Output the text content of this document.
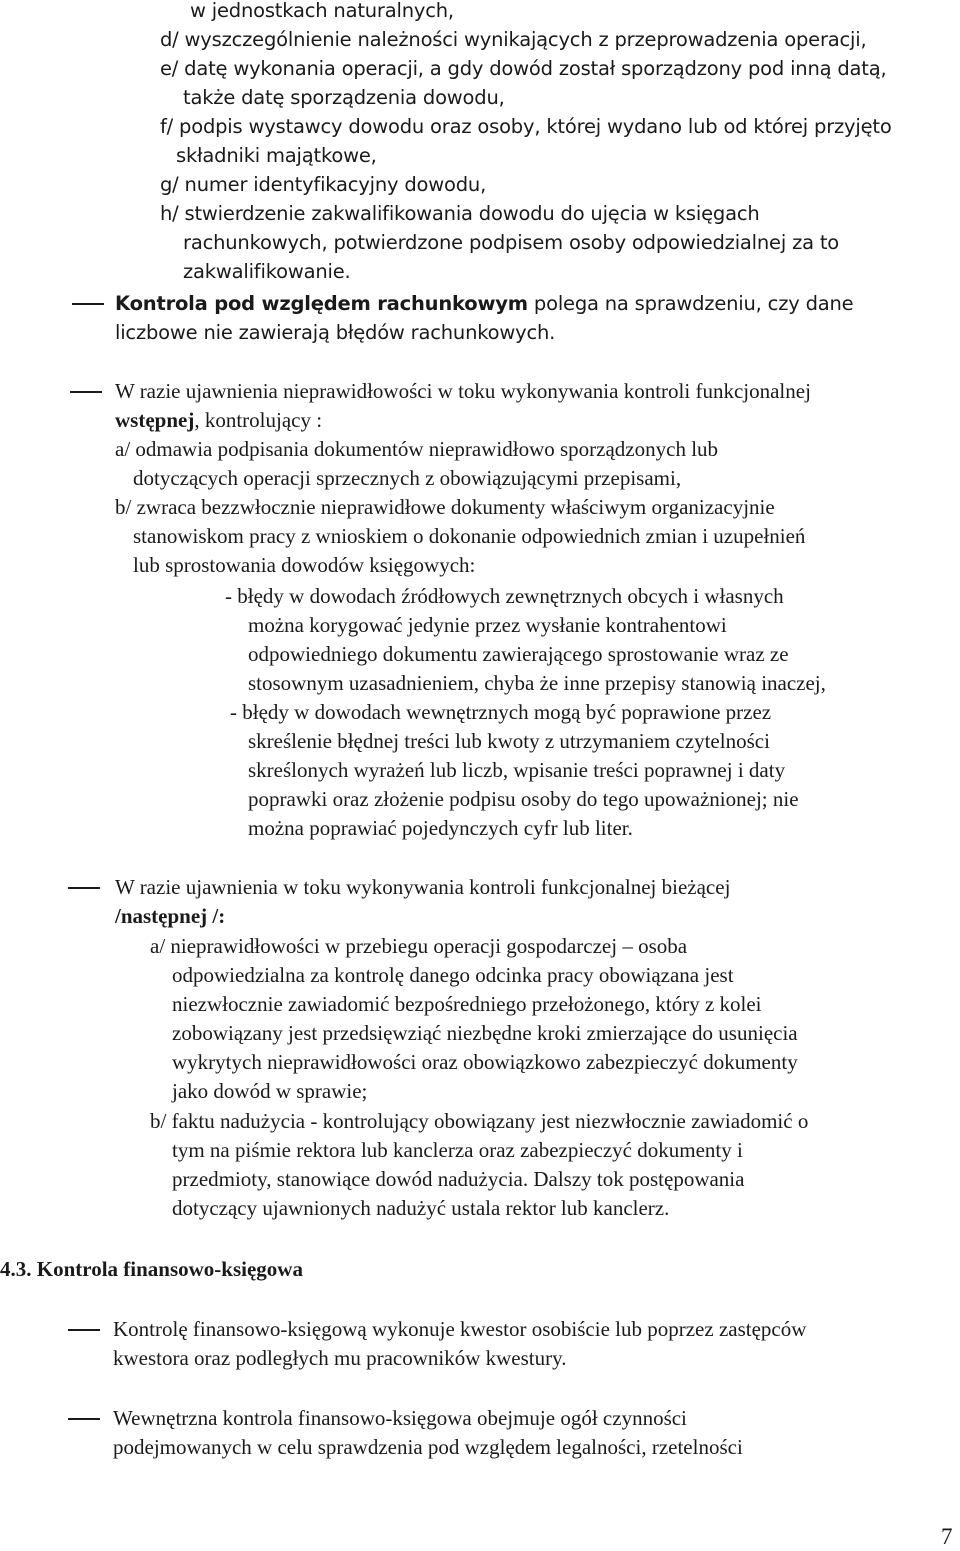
w jednostkach naturalnych,
d/ wyszczególnienie należności wynikających z przeprowadzenia operacji,
e/ datę wykonania operacji, a gdy dowód został sporządzony pod inną datą,
także datę sporządzenia dowodu,
f/ podpis wystawcy dowodu oraz osoby, której wydano lub od której przyjęto
składniki majątkowe,
g/ numer identyfikacyjny dowodu,
h/ stwierdzenie zakwalifikowania dowodu do ujęcia w księgach
rachunkowych, potwierdzone podpisem osoby odpowiedzialnej za to
zakwalifikowanie.
Kontrola pod względem rachunkowym polega na sprawdzeniu, czy dane
liczbowe nie zawierają błędów rachunkowych.
W razie ujawnienia nieprawidłowości w toku wykonywania kontroli funkcjonalnej
wstępnej, kontrolujący :
a/ odmawia podpisania dokumentów nieprawidłowo sporządzonych lub
dotyczących operacji sprzecznych z obowiązującymi przepisami,
b/ zwraca bezzwłocznie nieprawidłowe dokumenty właściwym organizacyjnie
stanowiskom pracy z wnioskiem o dokonanie odpowiednich zmian i uzupełnień
lub sprostowania dowodów księgowych:
- błędy w dowodach źródłowych zewnętrznych obcych i własnych
można korygować jedynie przez wysłanie kontrahentowi
odpowiedniego dokumentu zawierającego sprostowanie wraz ze
stosownym uzasadnieniem, chyba że inne przepisy stanowią inaczej,
- błędy w dowodach wewnętrznych mogą być poprawione przez
skreślenie błędnej treści lub kwoty z utrzymaniem czytelności
skreślonych wyrażeń lub liczb, wpisanie treści poprawnej i daty
poprawki oraz złożenie podpisu osoby do tego upoważnionej; nie
można poprawiać pojedynczych cyfr lub liter.
W razie ujawnienia w toku wykonywania kontroli funkcjonalnej bieżącej
/następnej /:
a/ nieprawidłowości w przebiegu operacji gospodarczej – osoba
odpowiedzialna za kontrolę danego odcinka pracy obowiązana jest
niezwłocznie zawiadomić bezpośredniego przełożonego, który z kolei
zobowiązany jest przedsięwziąć niezbędne kroki zmierzające do usunięcia
wykrytych nieprawidłowości oraz obowiązkowo zabezpieczyć dokumenty
jako dowód w sprawie;
b/ faktu nadużycia - kontrolujący obowiązany jest niezwłocznie zawiadomić o
tym na piśmie rektora lub kanclerza oraz zabezpieczyć dokumenty i
przedmioty, stanowiące dowód nadużycia. Dalszy tok postępowania
dotyczący ujawnionych nadużyć ustala rektor lub kanclerz.
4.3. Kontrola finansowo-księgowa
Kontrolę finansowo-księgową wykonuje kwestor osobiście lub poprzez zastępców
kwestora oraz podległych mu pracowników kwestury.
Wewnętrzna kontrola finansowo-księgowa obejmuje ogół czynności
podejmowanych w celu sprawdzenia pod względem legalności, rzetelności
7
